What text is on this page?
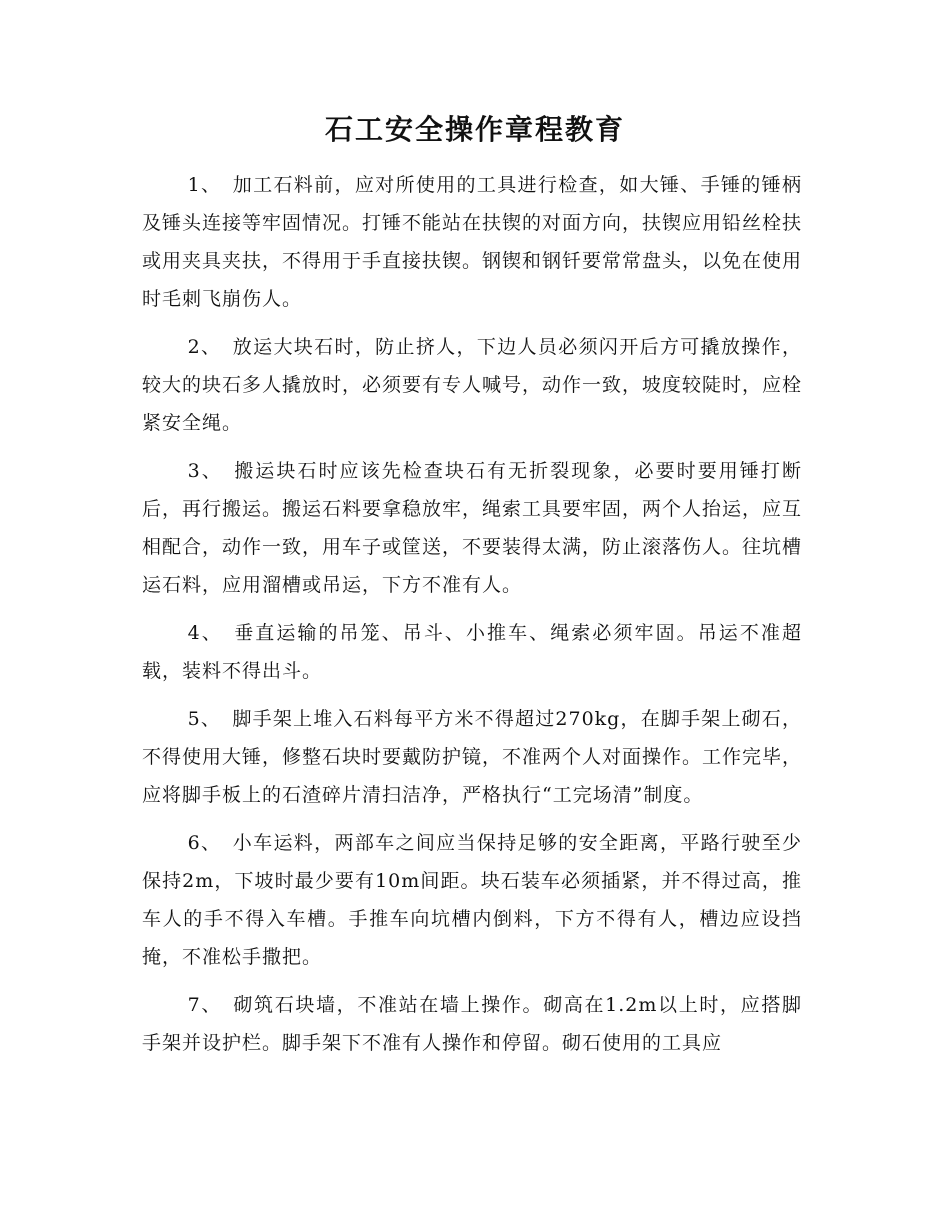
石工安全操作章程教育

1、 加工石料前，应对所使用的工具进行检查，如大锤、手锤的锤柄及锤头连接等牢固情况。打锤不能站在扶锲的对面方向，扶锲应用铅丝栓扶或用夹具夹扶，不得用于手直接扶锲。钢锲和钢钎要常常盘头，以免在使用时毛刺飞崩伤人。

2、 放运大块石时，防止挤人，下边人员必须闪开后方可撬放操作，较大的块石多人撬放时，必须要有专人喊号，动作一致，坡度较陡时，应栓紧安全绳。

3、 搬运块石时应该先检查块石有无折裂现象，必要时要用锤打断后，再行搬运。搬运石料要拿稳放牢，绳索工具要牢固，两个人抬运，应互相配合，动作一致，用车子或筐送，不要装得太满，防止滚落伤人。往坑槽运石料，应用溜槽或吊运，下方不准有人。

4、 垂直运输的吊笼、吊斗、小推车、绳索必须牢固。吊运不准超载，装料不得出斗。

5、 脚手架上堆入石料每平方米不得超过270kg，在脚手架上砌石，不得使用大锤，修整石块时要戴防护镜，不准两个人对面操作。工作完毕，应将脚手板上的石渣碎片清扫洁净，严格执行“工完场清”制度。

6、 小车运料，两部车之间应当保持足够的安全距离，平路行驶至少保持2m，下坡时最少要有10m间距。块石装车必须插紧，并不得过高，推车人的手不得入车槽。手推车向坑槽内倒料，下方不得有人，槽边应设挡掩，不准松手撒把。

7、 砌筑石块墙，不准站在墙上操作。砌高在1.2m以上时，应搭脚手架并设护栏。脚手架下不准有人操作和停留。砌石使用的工具应
